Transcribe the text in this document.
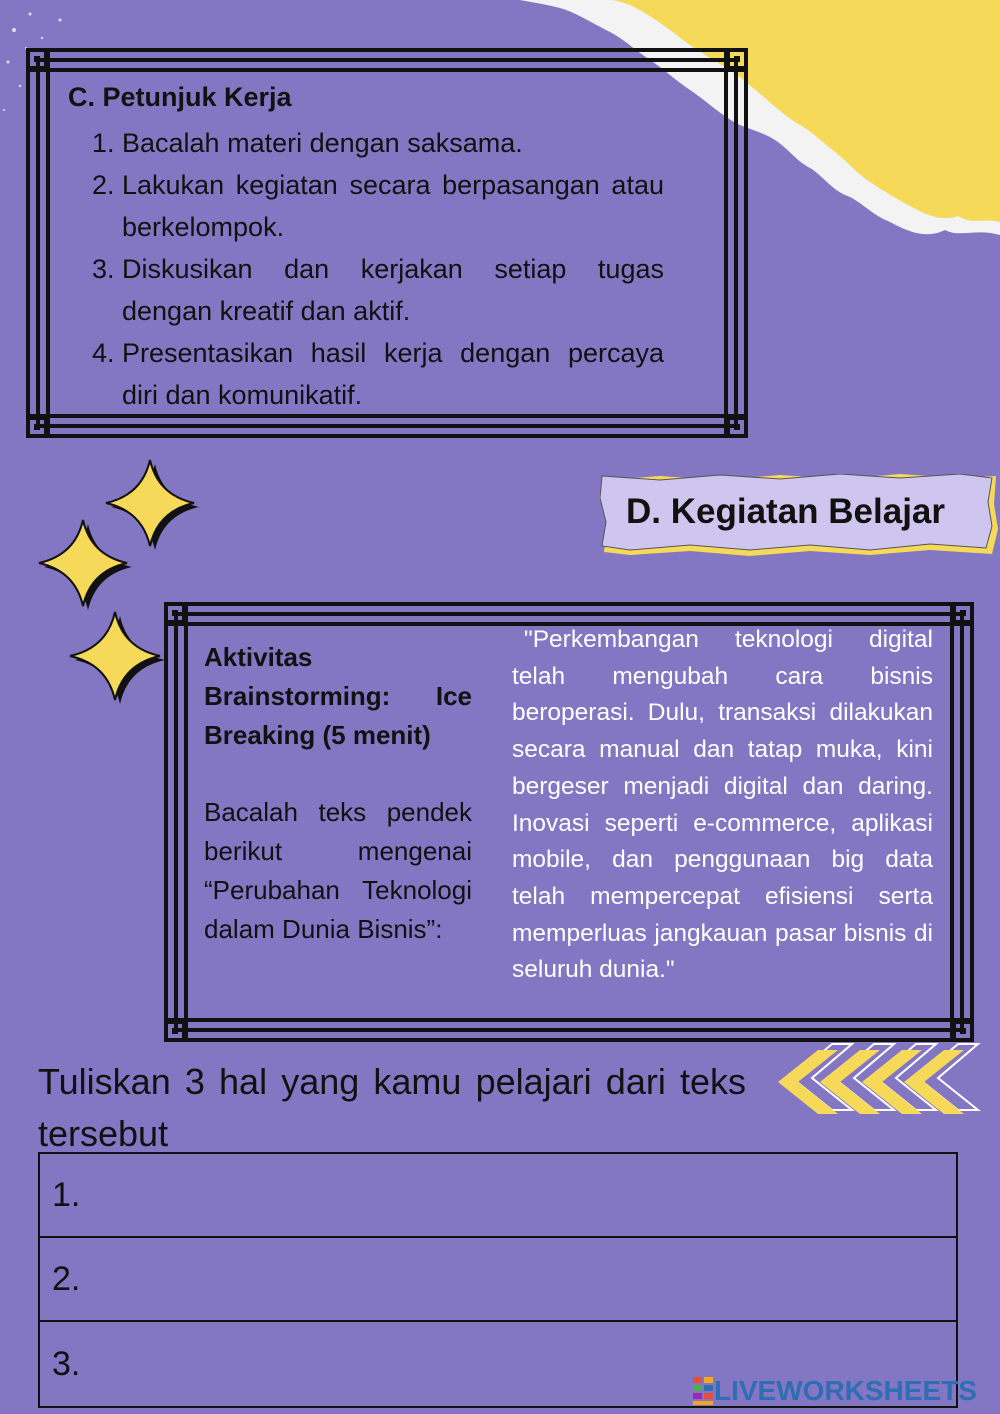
C. Petunjuk Kerja
1. Bacalah materi dengan saksama.
2. Lakukan kegiatan secara berpasangan atau berkelompok.
3. Diskusikan dan kerjakan setiap tugas dengan kreatif dan aktif.
4. Presentasikan hasil kerja dengan percaya diri dan komunikatif.
D. Kegiatan Belajar
Aktivitas Brainstorming: Ice Breaking (5 menit)
Bacalah teks pendek berikut mengenai “Perubahan Teknologi dalam Dunia Bisnis”:
"Perkembangan teknologi digital telah mengubah cara bisnis beroperasi. Dulu, transaksi dilakukan secara manual dan tatap muka, kini bergeser menjadi digital dan daring. Inovasi seperti e-commerce, aplikasi mobile, dan penggunaan big data telah mempercepat efisiensi serta memperluas jangkauan pasar bisnis di seluruh dunia."
Tuliskan 3 hal yang kamu pelajari dari teks tersebut
1.
2.
3.
LIVEWORKSHEETS
